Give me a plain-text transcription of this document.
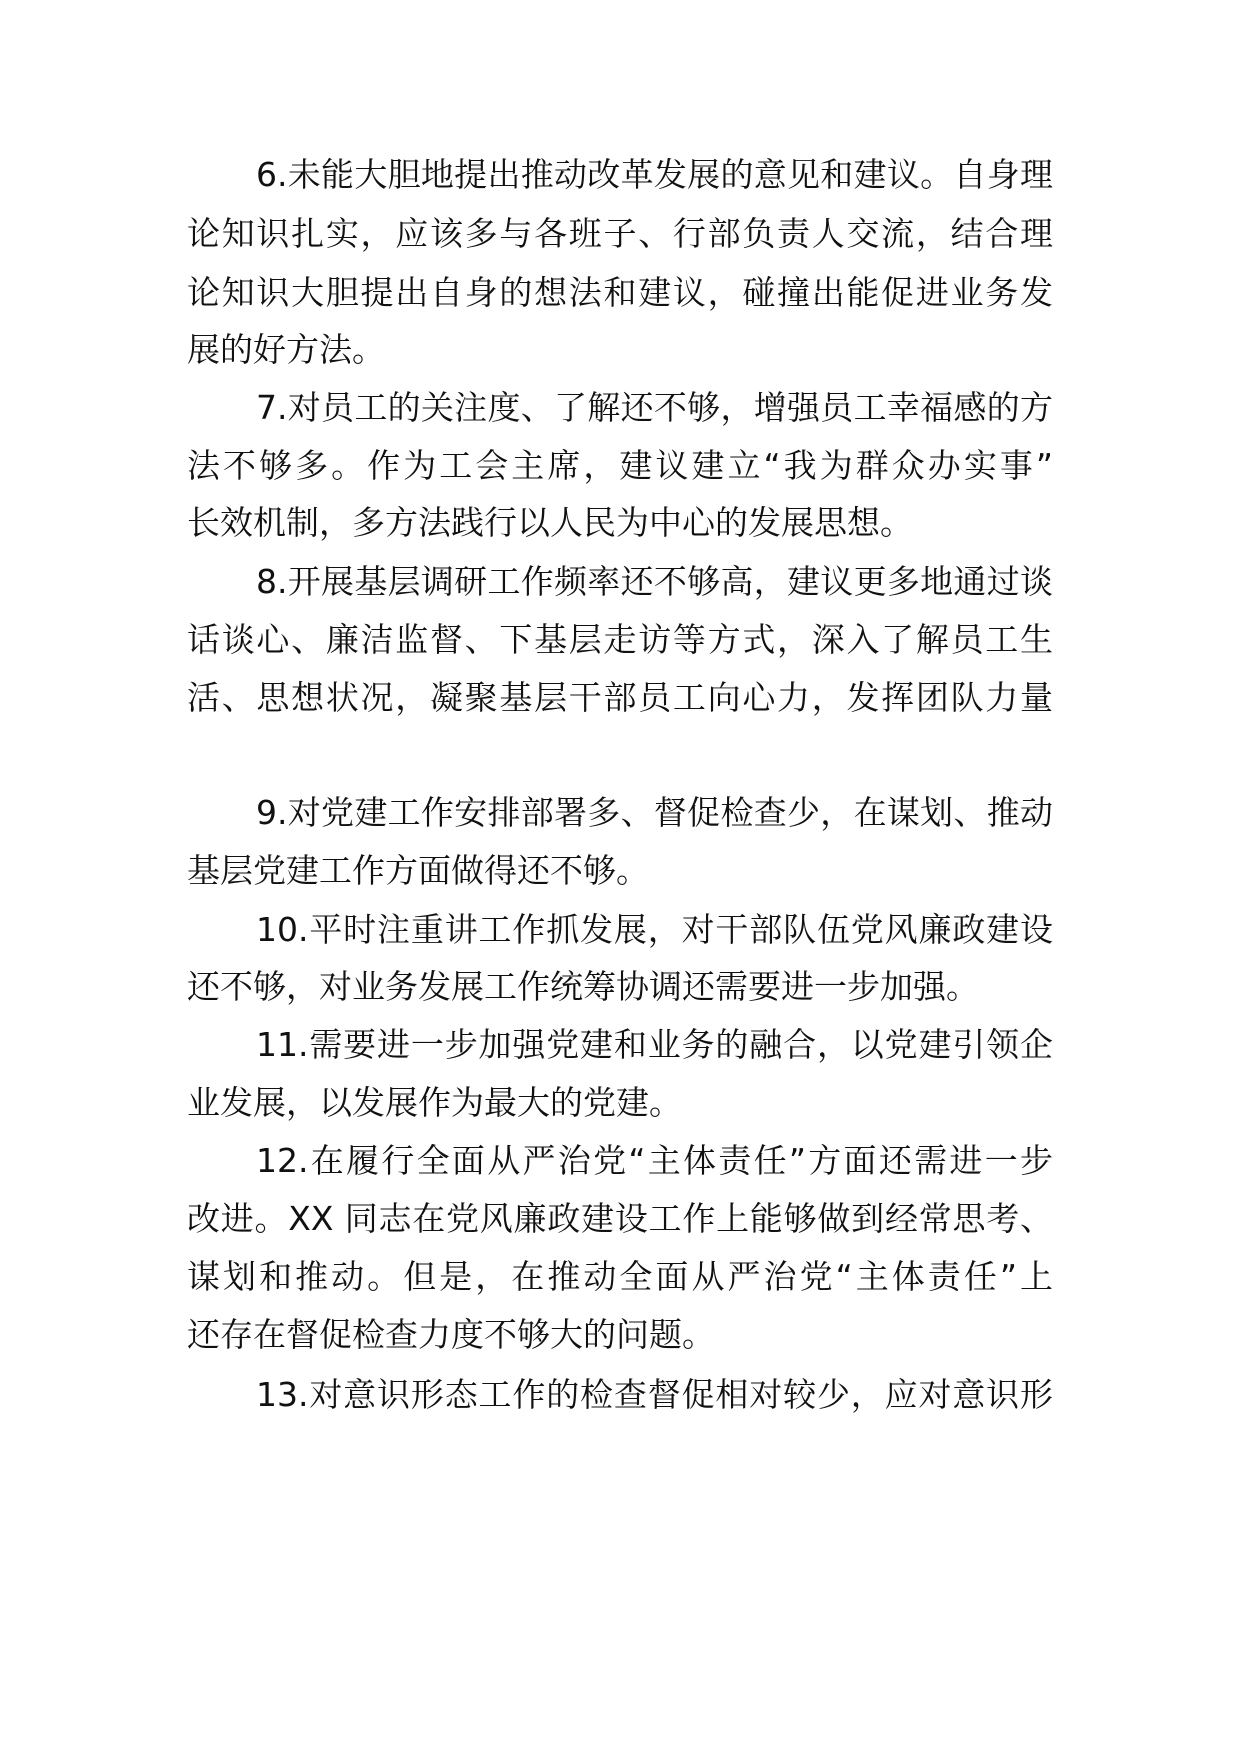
6.未能大胆地提出推动改革发展的意见和建议。自身理
论知识扎实，应该多与各班子、行部负责人交流，结合理
论知识大胆提出自身的想法和建议，碰撞出能促进业务发
展的好方法。
7.对员工的关注度、了解还不够，增强员工幸福感的方
法不够多。作为工会主席，建议建立“我为群众办实事”
长效机制，多方法践行以人民为中心的发展思想。
8.开展基层调研工作频率还不够高，建议更多地通过谈
话谈心、廉洁监督、下基层走访等方式，深入了解员工生
活、思想状况，凝聚基层干部员工向心力，发挥团队力量
9.对党建工作安排部署多、督促检查少，在谋划、推动
基层党建工作方面做得还不够。
10.平时注重讲工作抓发展，对干部队伍党风廉政建设
还不够，对业务发展工作统筹协调还需要进一步加强。
11.需要进一步加强党建和业务的融合，以党建引领企
业发展，以发展作为最大的党建。
12.在履行全面从严治党“主体责任”方面还需进一步
改进。XX 同志在党风廉政建设工作上能够做到经常思考、
谋划和推动。但是，在推动全面从严治党“主体责任”上
还存在督促检查力度不够大的问题。
13.对意识形态工作的检查督促相对较少，应对意识形
